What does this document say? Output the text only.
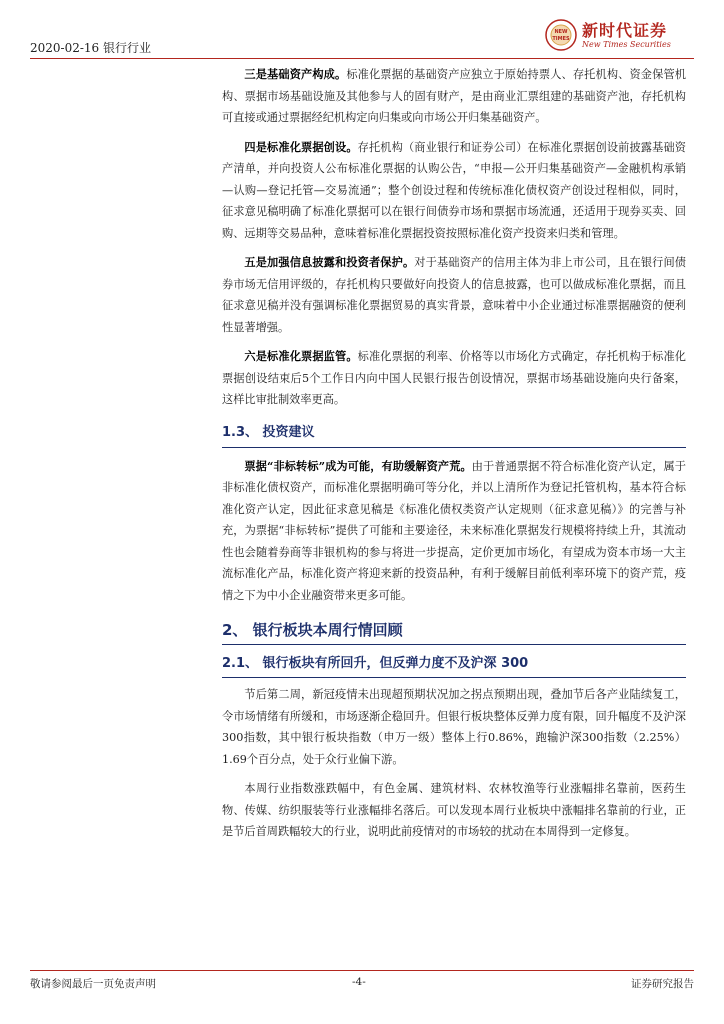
2020-02-16 银行行业
NEW
TIMES 新时代证券
New Times Securities

三是基础资产构成。标准化票据的基础资产应独立于原始持票人、存托机构、资金保管机构、票据市场基础设施及其他参与人的固有财产，是由商业汇票组建的基础资产池，存托机构可直接或通过票据经纪机构定向归集或向市场公开归集基础资产。

四是标准化票据创设。存托机构（商业银行和证券公司）在标准化票据创设前披露基础资产清单，并向投资人公布标准化票据的认购公告，“申报—公开归集基础资产—金融机构承销—认购—登记托管—交易流通”；整个创设过程和传统标准化债权资产创设过程相似，同时，征求意见稿明确了标准化票据可以在银行间债券市场和票据市场流通，还适用于现券买卖、回购、远期等交易品种，意味着标准化票据投资按照标准化资产投资来归类和管理。

五是加强信息披露和投资者保护。对于基础资产的信用主体为非上市公司，且在银行间债券市场无信用评级的，存托机构只要做好向投资人的信息披露，也可以做成标准化票据，而且征求意见稿并没有强调标准化票据贸易的真实背景，意味着中小企业通过标准票据融资的便利性显著增强。

六是标准化票据监管。标准化票据的利率、价格等以市场化方式确定，存托机构于标准化票据创设结束后5个工作日内向中国人民银行报告创设情况，票据市场基础设施向央行备案，这样比审批制效率更高。

1.3、 投资建议

票据“非标转标”成为可能，有助缓解资产荒。由于普通票据不符合标准化资产认定，属于非标准化债权资产，而标准化票据明确可等分化，并以上清所作为登记托管机构，基本符合标准化资产认定，因此征求意见稿是《标准化债权类资产认定规则（征求意见稿）》的完善与补充，为票据“非标转标”提供了可能和主要途径，未来标准化票据发行规模将持续上升，其流动性也会随着券商等非银机构的参与将进一步提高，定价更加市场化，有望成为资本市场一大主流标准化产品，标准化资产将迎来新的投资品种，有利于缓解目前低利率环境下的资产荒，疫情之下为中小企业融资带来更多可能。

2、 银行板块本周行情回顾
2.1、 银行板块有所回升，但反弹力度不及沪深 300

节后第二周，新冠疫情未出现超预期状况加之拐点预期出现，叠加节后各产业陆续复工，令市场情绪有所缓和，市场逐渐企稳回升。但银行板块整体反弹力度有限，回升幅度不及沪深300指数，其中银行板块指数（申万一级）整体上行0.86%，跑输沪深300指数（2.25%）1.69个百分点，处于众行业偏下游。

本周行业指数涨跌幅中，有色金属、建筑材料、农林牧渔等行业涨幅排名靠前，医药生物、传媒、纺织服装等行业涨幅排名落后。可以发现本周行业板块中涨幅排名靠前的行业，正是节后首周跌幅较大的行业，说明此前疫情对的市场较的扰动在本周得到一定修复。

敬请参阅最后一页免责声明	-4-	证券研究报告
